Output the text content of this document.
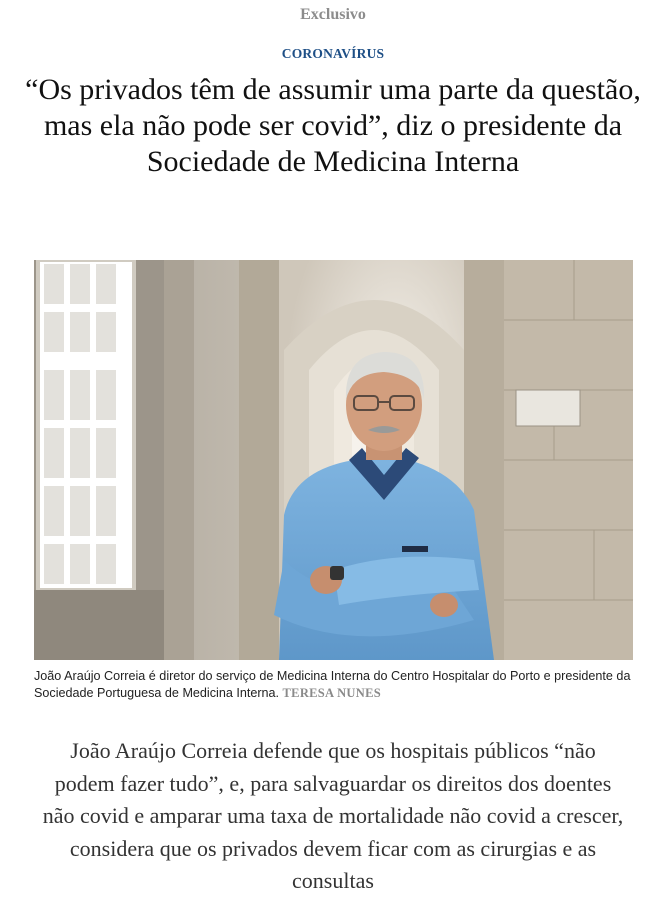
Exclusivo
CORONAVÍRUS
“Os privados têm de assumir uma parte da questão, mas ela não pode ser covid”, diz o presidente da Sociedade de Medicina Interna
João Araújo Correia é diretor do serviço de Medicina Interna do Centro Hospitalar do Porto e presidente da Sociedade Portuguesa de Medicina Interna. TERESA NUNES
João Araújo Correia defende que os hospitais públicos “não podem fazer tudo”, e, para salvaguardar os direitos dos doentes não covid e amparar uma taxa de mortalidade não covid a crescer, considera que os privados devem ficar com as cirurgias e as consultas
